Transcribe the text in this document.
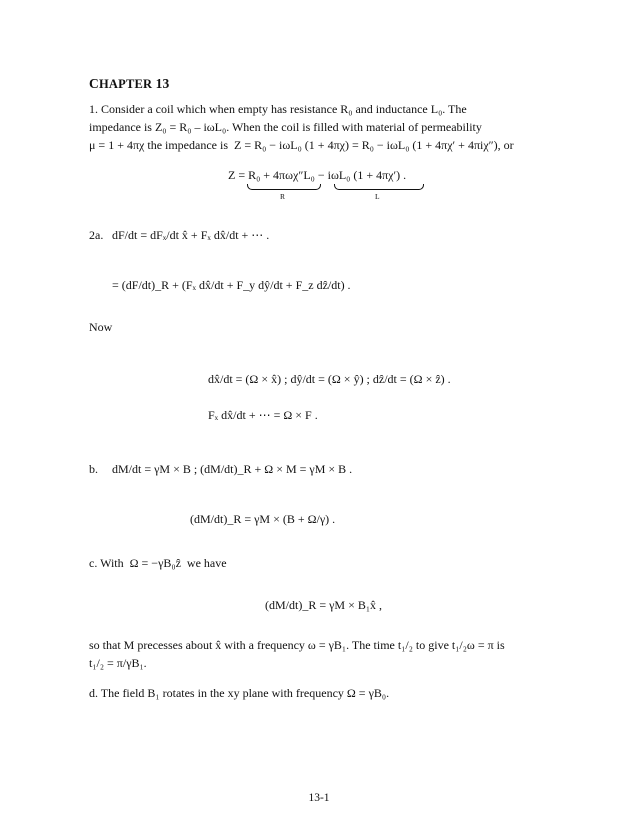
CHAPTER 13
1. Consider a coil which when empty has resistance R₀ and inductance L₀. The
impedance is Z₀ = R₀ – iωL₀. When the coil is filled with material of permeability
μ = 1 + 4πχ the impedance is Z = R₀ − iωL₀ (1 + 4πχ) = R₀ − iωL₀ (1 + 4πχ′ + 4πiχ″), or
Z = R₀ + 4πωχ″L₀ − iωL₀ (1 + 4πχ′) .
R	L
2a. dF/dt = dFₓ/dt x̂ + Fₓ dx̂/dt + ⋯ .
= (dF/dt)_R + (Fₓ dx̂/dt + F_y dŷ/dt + F_z dẑ/dt) .
Now
dx̂/dt = (Ω × x̂) ; dŷ/dt = (Ω × ŷ) ; dẑ/dt = (Ω × ẑ) .
Fₓ dx̂/dt + ⋯ = Ω × F .
b. dM/dt = γM × B ; (dM/dt)_R + Ω × M = γM × B .
(dM/dt)_R = γM × (B + Ω/γ) .
c. With Ω = −γB₀ẑ we have
(dM/dt)_R = γM × B₁x̂ ,
so that M precesses about x̂ with a frequency ω = γB₁. The time t₁/₂ to give t₁/₂ω = π is
t₁/₂ = π/γB₁.
d. The field B₁ rotates in the xy plane with frequency Ω = γB₀.
13-1
